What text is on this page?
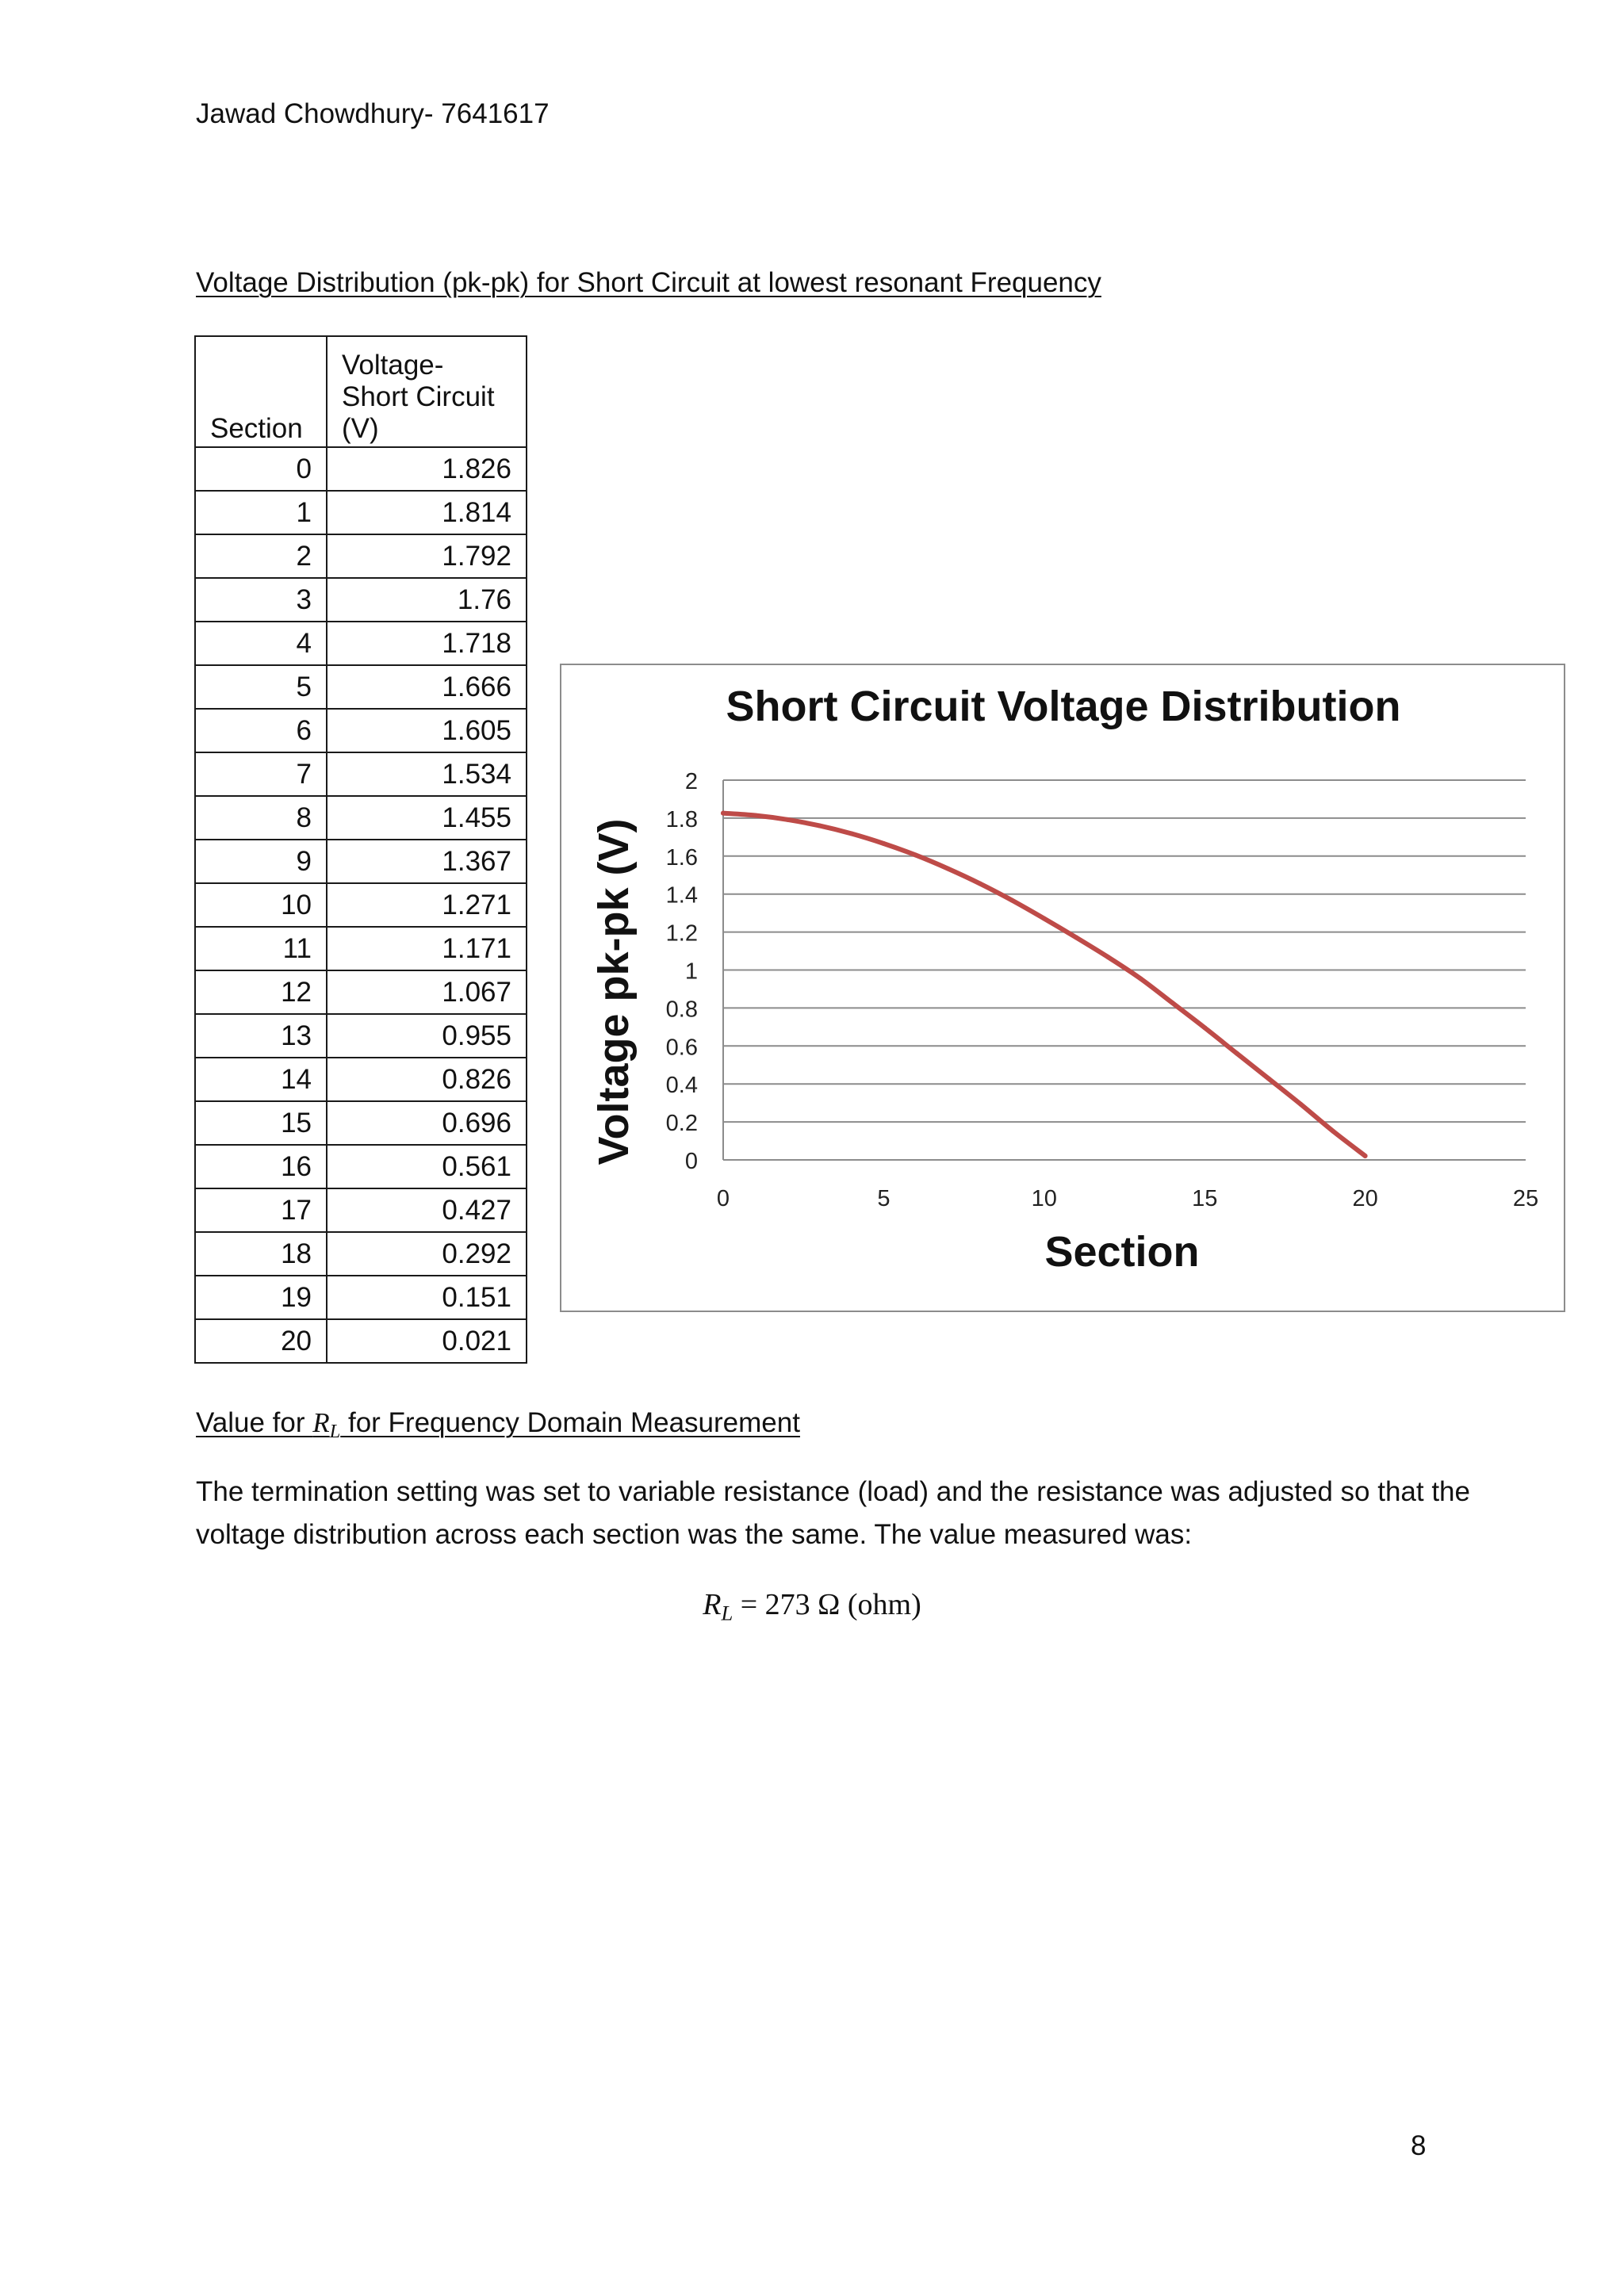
Jawad Chowdhury- 7641617
Voltage Distribution (pk-pk) for Short Circuit at lowest resonant Frequency
Section	Voltage-
Short Circuit
(V)
0	1.826
1	1.814
2	1.792
3	1.76
4	1.718
5	1.666
6	1.605
7	1.534
8	1.455
9	1.367
10	1.271
11	1.171
12	1.067
13	0.955
14	0.826
15	0.696
16	0.561
17	0.427
18	0.292
19	0.151
20	0.021
Short Circuit Voltage Distribution
0
0.2
0.4
0.6
0.8
1
1.2
1.4
1.6
1.8
2
0	5	10	15	20	25
Voltage pk-pk (V)
Section
Value for $R_L$ for Frequency Domain Measurement
The termination setting was set to variable resistance (load) and the resistance was adjusted so that the voltage distribution across each section was the same. The value measured was:
$R_L = 273$ Ω (ohm)
8
